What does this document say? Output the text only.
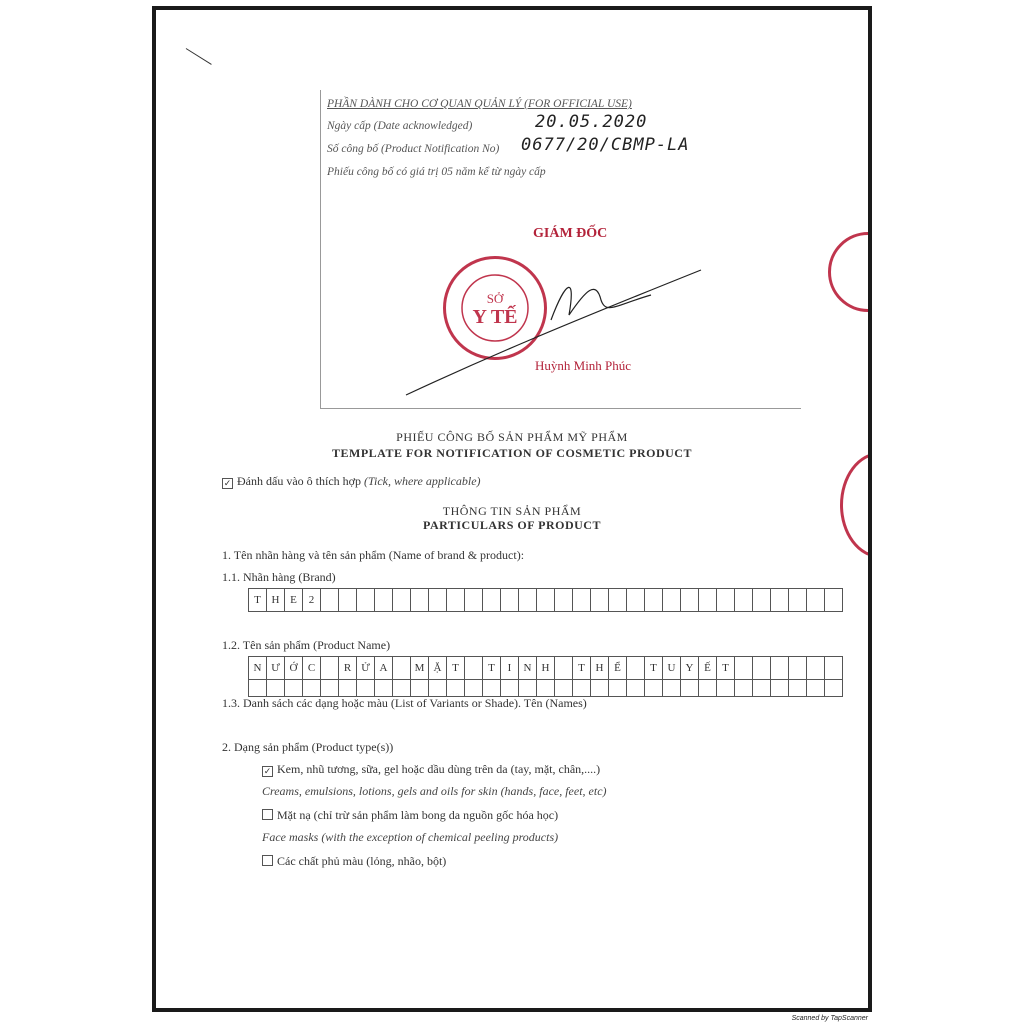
PHẦN DÀNH CHO CƠ QUAN QUẢN LÝ (FOR OFFICIAL USE)
Ngày cấp (Date acknowledged)	20.05.2020
Số công bố (Product Notification No) 0677/20/CBMP-LA
Phiếu công bố có giá trị 05 năm kể từ ngày cấp
GIÁM ĐỐC
SỞ
Y TẾ
Huỳnh Minh Phúc
PHIẾU CÔNG BỐ SẢN PHẨM MỸ PHẨM
TEMPLATE FOR NOTIFICATION OF COSMETIC PRODUCT
✓ Đánh dấu vào ô thích hợp (Tick, where applicable)
THÔNG TIN SẢN PHẨM
PARTICULARS OF PRODUCT
1. Tên nhãn hàng và tên sản phẩm (Name of brand & product):
1.1. Nhãn hàng (Brand)
T H E	2
1.2. Tên sản phẩm (Product Name)
N Ư Ớ C	R Ử A	M Ặ T	T	I	N H	T H Ể	T U Y Ế	T
1.3. Danh sách các dạng hoặc màu (List of Variants or Shade). Tên (Names)
2. Dạng sản phẩm (Product type(s))
✓ Kem, nhũ tương, sữa, gel hoặc dầu dùng trên da (tay, mặt, chân,....)
Creams, emulsions, lotions, gels and oils for skin (hands, face, feet, etc)
Mặt nạ (chỉ trừ sản phẩm làm bong da nguồn gốc hóa học)
Face masks (with the exception of chemical peeling products)
Các chất phủ màu (lỏng, nhão, bột)
Scanned by TapScanner
